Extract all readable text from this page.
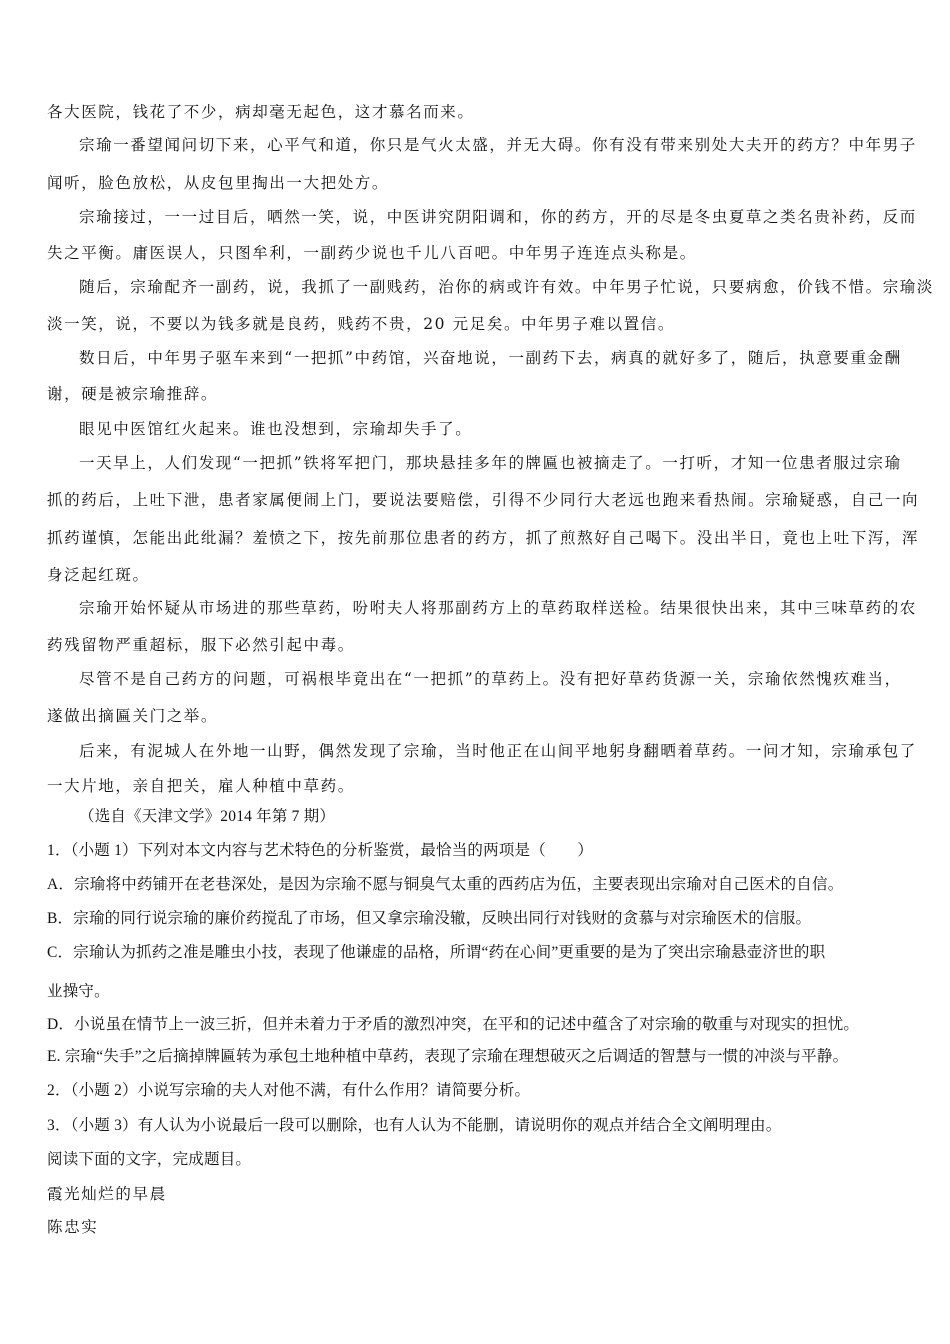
各大医院，钱花了不少，病却毫无起色，这才慕名而来。
宗瑜一番望闻问切下来，心平气和道，你只是气火太盛，并无大碍。你有没有带来别处大夫开的药方？中年男子
闻听，脸色放松，从皮包里掏出一大把处方。
宗瑜接过，一一过目后，哂然一笑，说，中医讲究阴阳调和，你的药方，开的尽是冬虫夏草之类名贵补药，反而
失之平衡。庸医误人，只图牟利，一副药少说也千儿八百吧。中年男子连连点头称是。
随后，宗瑜配齐一副药，说，我抓了一副贱药，治你的病或许有效。中年男子忙说，只要病愈，价钱不惜。宗瑜淡
淡一笑，说，不要以为钱多就是良药，贱药不贵，20 元足矣。中年男子难以置信。
数日后，中年男子驱车来到“一把抓”中药馆，兴奋地说，一副药下去，病真的就好多了，随后，执意要重金酬
谢，硬是被宗瑜推辞。
眼见中医馆红火起来。谁也没想到，宗瑜却失手了。
一天早上，人们发现“一把抓”铁将军把门，那块悬挂多年的牌匾也被摘走了。一打听，才知一位患者服过宗瑜
抓的药后，上吐下泄，患者家属便闹上门，要说法要赔偿，引得不少同行大老远也跑来看热闹。宗瑜疑惑，自己一向
抓药谨慎，怎能出此纰漏？羞愤之下，按先前那位患者的药方，抓了煎熬好自己喝下。没出半日，竟也上吐下泻，浑
身泛起红斑。
宗瑜开始怀疑从市场进的那些草药，吩咐夫人将那副药方上的草药取样送检。结果很快出来，其中三味草药的农
药残留物严重超标，服下必然引起中毒。
尽管不是自己药方的问题，可祸根毕竟出在“一把抓”的草药上。没有把好草药货源一关，宗瑜依然愧疚难当，
遂做出摘匾关门之举。
后来，有泥城人在外地一山野，偶然发现了宗瑜，当时他正在山间平地躬身翻晒着草药。一问才知，宗瑜承包了
一大片地，亲自把关，雇人种植中草药。
（选自《天津文学》2014 年第 7 期）
1．（小题 1）下列对本文内容与艺术特色的分析鉴赏，最恰当的两项是（　　）
A．宗瑜将中药铺开在老巷深处，是因为宗瑜不愿与铜臭气太重的西药店为伍，主要表现出宗瑜对自己医术的自信。
B．宗瑜的同行说宗瑜的廉价药搅乱了市场，但又拿宗瑜没辙，反映出同行对钱财的贪慕与对宗瑜医术的信服。
C．宗瑜认为抓药之准是雕虫小技，表现了他谦虚的品格，所谓“药在心间”更重要的是为了突出宗瑜悬壶济世的职
业操守。
D．小说虽在情节上一波三折，但并未着力于矛盾的激烈冲突，在平和的记述中蕴含了对宗瑜的敬重与对现实的担忧。
E. 宗瑜“失手”之后摘掉牌匾转为承包土地种植中草药，表现了宗瑜在理想破灭之后调适的智慧与一惯的冲淡与平静。
2．（小题 2）小说写宗瑜的夫人对他不满，有什么作用？请简要分析。
3．（小题 3）有人认为小说最后一段可以删除，也有人认为不能删，请说明你的观点并结合全文阐明理由。
阅读下面的文字，完成题目。
霞光灿烂的早晨
陈忠实
